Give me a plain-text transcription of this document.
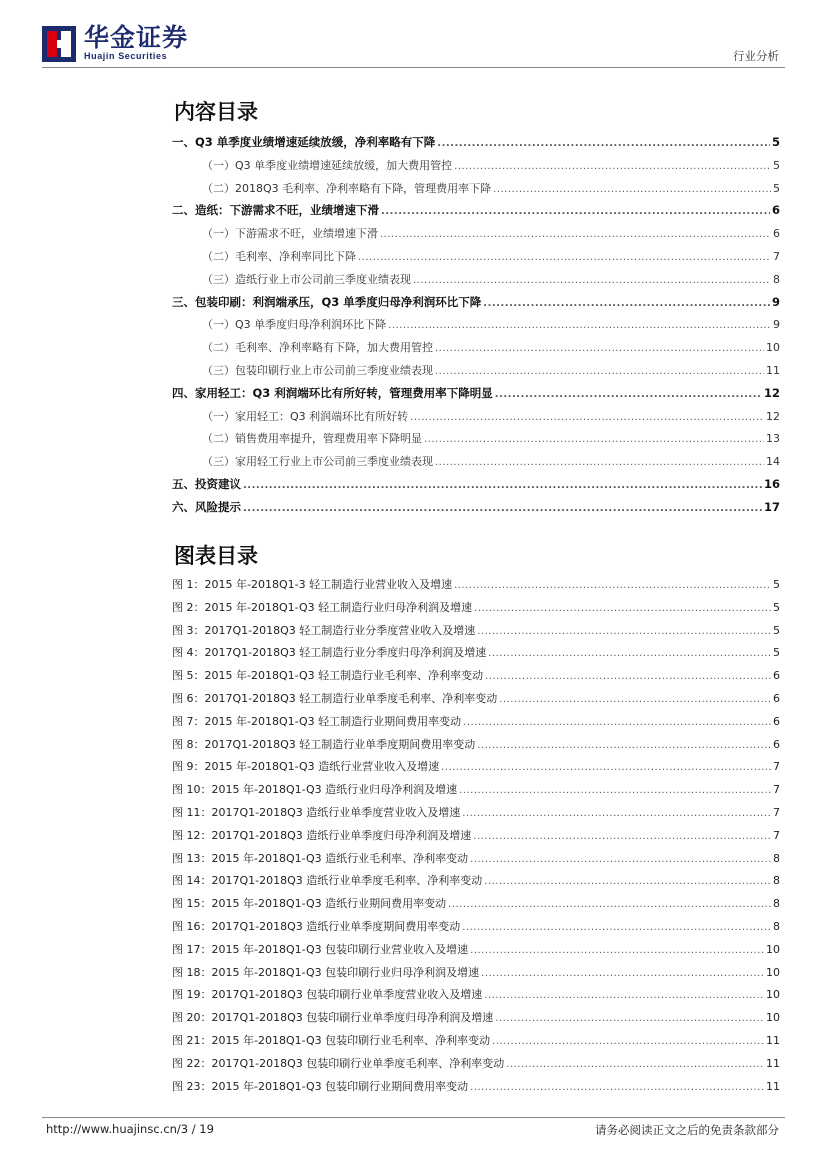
华金证券
Huajin Securities	行业分析
内容目录
一、Q3 单季度业绩增速延续放缓，净利率略有下降 .....	5
（一）Q3 单季度业绩增速延续放缓，加大费用管控 .....	5
（二）2018Q3 毛利率、净利率略有下降，管理费用率下降 .....	5
二、造纸：下游需求不旺，业绩增速下滑 .....	6
（一）下游需求不旺，业绩增速下滑 .....	6
（二）毛利率、净利率同比下降 .....	7
（三）造纸行业上市公司前三季度业绩表现 .....	8
三、包装印刷：利润端承压，Q3 单季度归母净利润环比下降 .....	9
（一）Q3 单季度归母净利润环比下降 .....	9
（二）毛利率、净利率略有下降，加大费用管控 .....	10
（三）包装印刷行业上市公司前三季度业绩表现 .....	11
四、家用轻工：Q3 利润端环比有所好转，管理费用率下降明显 .....	12
（一）家用轻工：Q3 利润端环比有所好转 .....	12
（二）销售费用率提升，管理费用率下降明显 .....	13
（三）家用轻工行业上市公司前三季度业绩表现 .....	14
五、投资建议 .....	16
六、风险提示 .....	17
图表目录
图 1：2015 年-2018Q1-3 轻工制造行业营业收入及增速 .....	5
图 2：2015 年-2018Q1-Q3 轻工制造行业归母净利润及增速 .....	5
图 3：2017Q1-2018Q3 轻工制造行业分季度营业收入及增速 .....	5
图 4：2017Q1-2018Q3 轻工制造行业分季度归母净利润及增速 .....	5
图 5：2015 年-2018Q1-Q3 轻工制造行业毛利率、净利率变动 .....	6
图 6：2017Q1-2018Q3 轻工制造行业单季度毛利率、净利率变动 .....	6
图 7：2015 年-2018Q1-Q3 轻工制造行业期间费用率变动 .....	6
图 8：2017Q1-2018Q3 轻工制造行业单季度期间费用率变动 .....	6
图 9：2015 年-2018Q1-Q3 造纸行业营业收入及增速 .....	7
图 10：2015 年-2018Q1-Q3 造纸行业归母净利润及增速 .....	7
图 11：2017Q1-2018Q3 造纸行业单季度营业收入及增速 .....	7
图 12：2017Q1-2018Q3 造纸行业单季度归母净利润及增速 .....	7
图 13：2015 年-2018Q1-Q3 造纸行业毛利率、净利率变动 .....	8
图 14：2017Q1-2018Q3 造纸行业单季度毛利率、净利率变动 .....	8
图 15：2015 年-2018Q1-Q3 造纸行业期间费用率变动 .....	8
图 16：2017Q1-2018Q3 造纸行业单季度期间费用率变动 .....	8
图 17：2015 年-2018Q1-Q3 包装印刷行业营业收入及增速 .....	10
图 18：2015 年-2018Q1-Q3 包装印刷行业归母净利润及增速 .....	10
图 19：2017Q1-2018Q3 包装印刷行业单季度营业收入及增速 .....	10
图 20：2017Q1-2018Q3 包装印刷行业单季度归母净利润及增速 .....	10
图 21：2015 年-2018Q1-Q3 包装印刷行业毛利率、净利率变动 .....	11
图 22：2017Q1-2018Q3 包装印刷行业单季度毛利率、净利率变动 .....	11
图 23：2015 年-2018Q1-Q3 包装印刷行业期间费用率变动 .....	11
http://www.huajinsc.cn/3 / 19	请务必阅读正文之后的免责条款部分
